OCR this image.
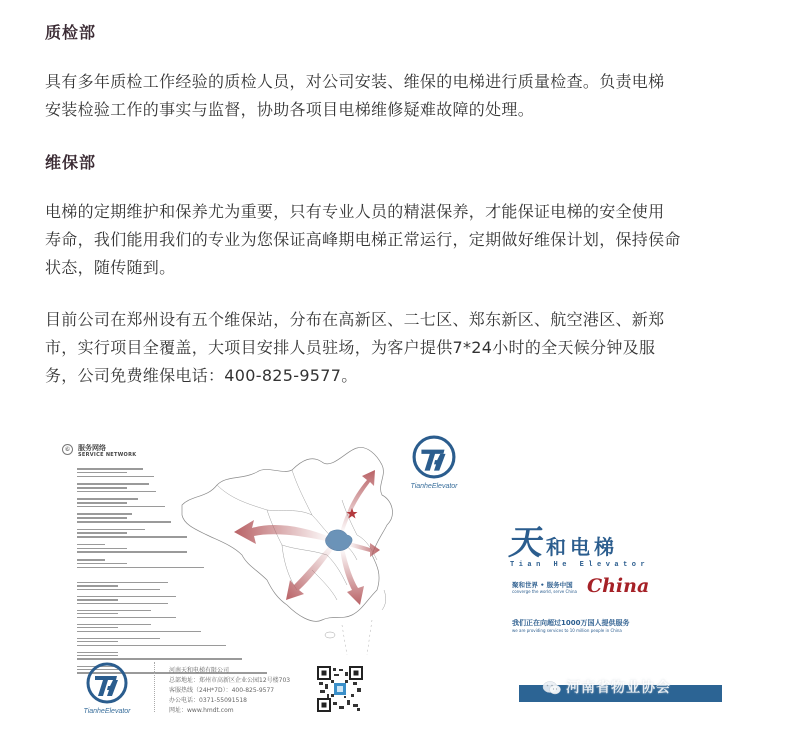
质检部
具有多年质检工作经验的质检人员，对公司安装、维保的电梯进行质量检查。负责电梯
安装检验工作的事实与监督，协助各项目电梯维修疑难故障的处理。
维保部
电梯的定期维护和保养尤为重要，只有专业人员的精湛保养，才能保证电梯的安全使用
寿命，我们能用我们的专业为您保证高峰期电梯正常运行，定期做好维保计划，保持侯命
状态，随传随到。
目前公司在郑州设有五个维保站，分布在高新区、二七区、郑东新区、航空港区、新郑
市，实行项目全覆盖，大项目安排人员驻场，为客户提供7*24小时的全天候分钟及服
务，公司免费维保电话：400-825-9577。
⑥	服务网络
SERVICE NETWORK
TianheElevator
河南天和电梯有限公司
总部地址：郑州市高新区企业公园12号楼703
客服热线（24H*7D）：400-825-9577
办公电话：0371-55091518
网址：www.hmdt.com
TianheElevator
天和电梯
Tian He Elevator
聚和世界 • 服务中国
converge the world, serve China China
我们正在向超过1000万国人提供服务
we are providing services to 10 million people in China
河南省物业协会
